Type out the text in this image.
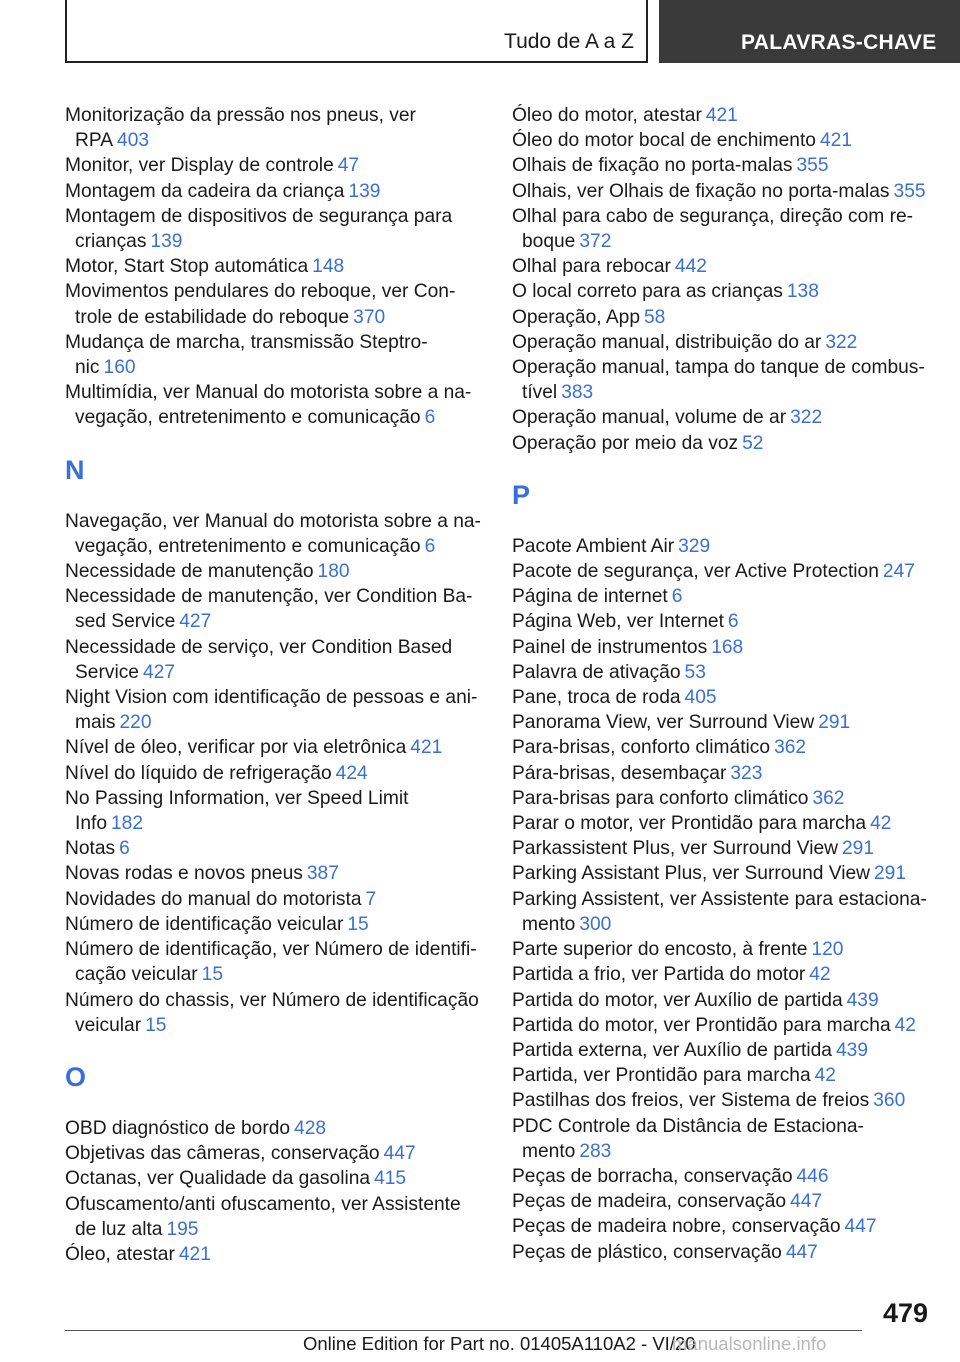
Tudo de A a Z	PALAVRAS-CHAVE
Monitorização da pressão nos pneus, ver
RPA 403
Monitor, ver Display de controle 47
Montagem da cadeira da criança 139
Montagem de dispositivos de segurança para
crianças 139
Motor, Start Stop automática 148
Movimentos pendulares do reboque, ver Con-
trole de estabilidade do reboque 370
Mudança de marcha, transmissão Steptro-
nic 160
Multimídia, ver Manual do motorista sobre a na-
vegação, entretenimento e comunicação 6
N
Navegação, ver Manual do motorista sobre a na-
vegação, entretenimento e comunicação 6
Necessidade de manutenção 180
Necessidade de manutenção, ver Condition Ba-
sed Service 427
Necessidade de serviço, ver Condition Based
Service 427
Night Vision com identificação de pessoas e ani-
mais 220
Nível de óleo, verificar por via eletrônica 421
Nível do líquido de refrigeração 424
No Passing Information, ver Speed Limit
Info 182
Notas 6
Novas rodas e novos pneus 387
Novidades do manual do motorista 7
Número de identificação veicular 15
Número de identificação, ver Número de identifi-
cação veicular 15
Número do chassis, ver Número de identificação
veicular 15
O
OBD diagnóstico de bordo 428
Objetivas das câmeras, conservação 447
Octanas, ver Qualidade da gasolina 415
Ofuscamento/anti ofuscamento, ver Assistente
de luz alta 195
Óleo, atestar 421
Óleo do motor, atestar 421
Óleo do motor bocal de enchimento 421
Olhais de fixação no porta-malas 355
Olhais, ver Olhais de fixação no porta-malas 355
Olhal para cabo de segurança, direção com re-
boque 372
Olhal para rebocar 442
O local correto para as crianças 138
Operação, App 58
Operação manual, distribuição do ar 322
Operação manual, tampa do tanque de combus-
tível 383
Operação manual, volume de ar 322
Operação por meio da voz 52
P
Pacote Ambient Air 329
Pacote de segurança, ver Active Protection 247
Página de internet 6
Página Web, ver Internet 6
Painel de instrumentos 168
Palavra de ativação 53
Pane, troca de roda 405
Panorama View, ver Surround View 291
Para-brisas, conforto climático 362
Pára-brisas, desembaçar 323
Para-brisas para conforto climático 362
Parar o motor, ver Prontidão para marcha 42
Parkassistent Plus, ver Surround View 291
Parking Assistant Plus, ver Surround View 291
Parking Assistent, ver Assistente para estaciona-
mento 300
Parte superior do encosto, à frente 120
Partida a frio, ver Partida do motor 42
Partida do motor, ver Auxílio de partida 439
Partida do motor, ver Prontidão para marcha 42
Partida externa, ver Auxílio de partida 439
Partida, ver Prontidão para marcha 42
Pastilhas dos freios, ver Sistema de freios 360
PDC Controle da Distância de Estaciona-
mento 283
Peças de borracha, conservação 446
Peças de madeira, conservação 447
Peças de madeira nobre, conservação 447
Peças de plástico, conservação 447
479
Online Edition for Part no. 01405A110A2 - VI/20
manualsonline.info
